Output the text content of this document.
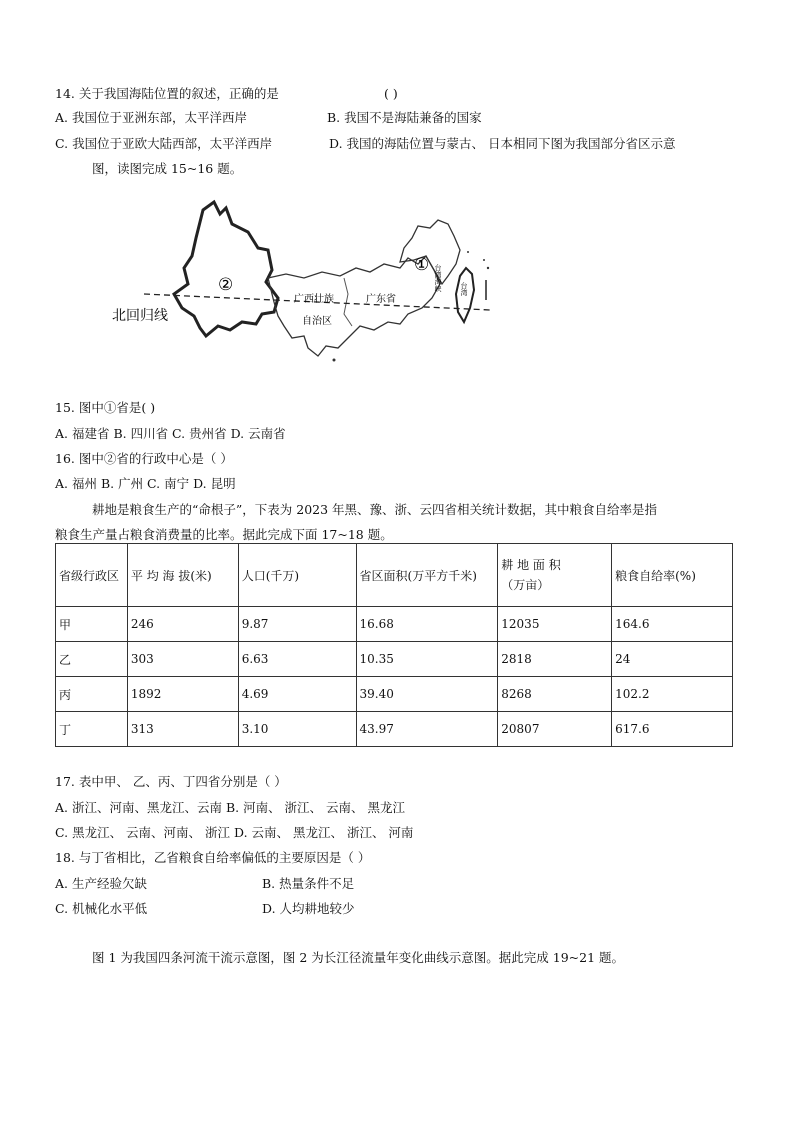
14. 关于我国海陆位置的叙述，正确的是	( )
A. 我国位于亚洲东部，太平洋西岸	B. 我国不是海陆兼备的国家
C. 我国位于亚欧大陆西部，太平洋西岸	D. 我国的海陆位置与蒙古、 日本相同下图为我国部分省区示意
图，读图完成 15~16 题。
②
①
广西壮族
自治区
广东省
台湾海峡	台湾
北回归线
15. 图中①省是( )
A. 福建省 B. 四川省 C. 贵州省 D. 云南省
16. 图中②省的行政中心是（ ）
A. 福州 B. 广州 C. 南宁 D. 昆明
耕地是粮食生产的“命根子”，下表为 2023 年黑、豫、浙、云四省相关统计数据，其中粮食自给率是指
粮食生产量占粮食消费量的比率。据此完成下面 17~18 题。
省级行政区	平 均 海 拔(米)	人口(千万)	省区面积(万平方千米)	耕 地 面 积
（万亩）	粮食自给率(%)
甲	246	9.87	16.68	12035	164.6
乙	303	6.63	10.35	2818	24
丙	1892	4.69	39.40	8268	102.2
丁	313	3.10	43.97	20807	617.6
17. 表中甲、 乙、丙、丁四省分别是（ ）
A. 浙江、河南、黑龙江、云南 B. 河南、 浙江、 云南、 黑龙江
C. 黑龙江、 云南、河南、 浙江 D. 云南、 黑龙江、 浙江、 河南
18. 与丁省相比，乙省粮食自给率偏低的主要原因是（ ）
A. 生产经验欠缺	B. 热量条件不足
C. 机械化水平低	D. 人均耕地较少
图 1 为我国四条河流干流示意图，图 2 为长江径流量年变化曲线示意图。据此完成 19~21 题。
